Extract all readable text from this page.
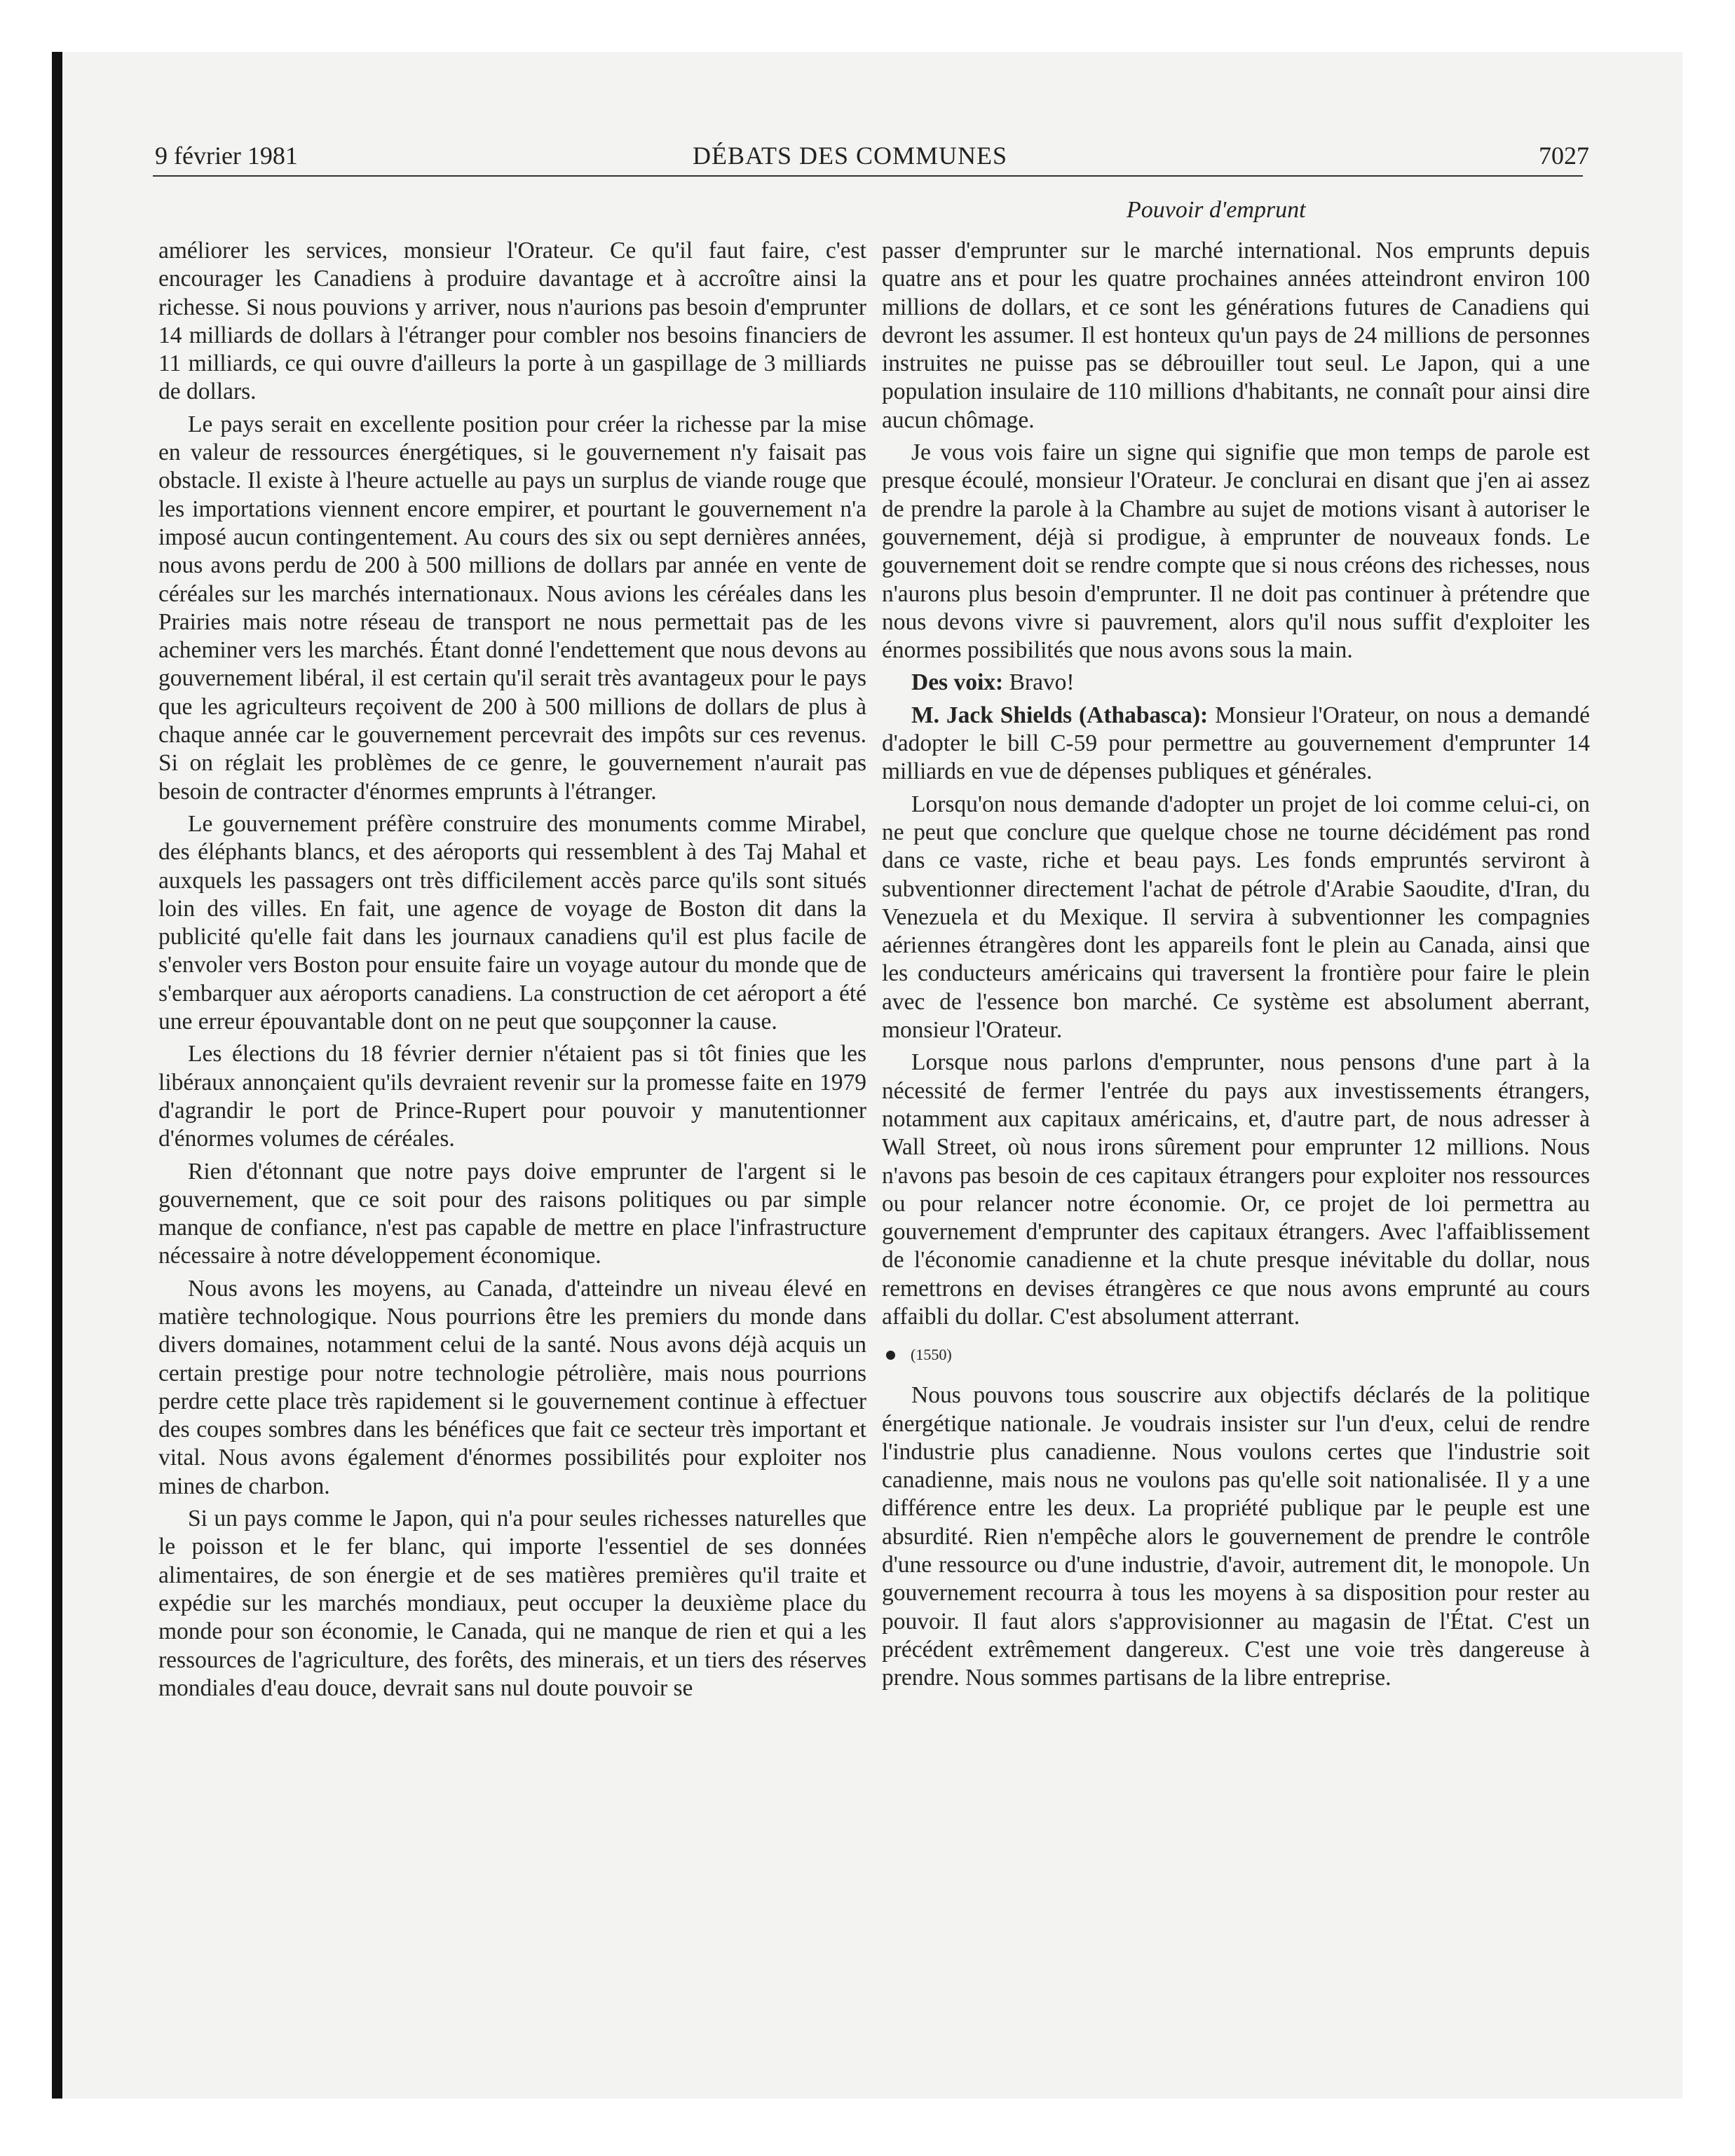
9 février 1981	DÉBATS DES COMMUNES	7027
Pouvoir d'emprunt

améliorer les services, monsieur l'Orateur. Ce qu'il faut faire, c'est encourager les Canadiens à produire davantage et à accroître ainsi la richesse. Si nous pouvions y arriver, nous n'aurions pas besoin d'emprunter 14 milliards de dollars à l'étranger pour combler nos besoins financiers de 11 milliards, ce qui ouvre d'ailleurs la porte à un gaspillage de 3 milliards de dollars.

Le pays serait en excellente position pour créer la richesse par la mise en valeur de ressources énergétiques, si le gouvernement n'y faisait pas obstacle. Il existe à l'heure actuelle au pays un surplus de viande rouge que les importations viennent encore empirer, et pourtant le gouvernement n'a imposé aucun contingentement. Au cours des six ou sept dernières années, nous avons perdu de 200 à 500 millions de dollars par année en vente de céréales sur les marchés internationaux. Nous avions les céréales dans les Prairies mais notre réseau de transport ne nous permettait pas de les acheminer vers les marchés. Étant donné l'endettement que nous devons au gouvernement libéral, il est certain qu'il serait très avantageux pour le pays que les agriculteurs reçoivent de 200 à 500 millions de dollars de plus à chaque année car le gouvernement percevrait des impôts sur ces revenus. Si on réglait les problèmes de ce genre, le gouvernement n'aurait pas besoin de contracter d'énormes emprunts à l'étranger.

Le gouvernement préfère construire des monuments comme Mirabel, des éléphants blancs, et des aéroports qui ressemblent à des Taj Mahal et auxquels les passagers ont très difficilement accès parce qu'ils sont situés loin des villes. En fait, une agence de voyage de Boston dit dans la publicité qu'elle fait dans les journaux canadiens qu'il est plus facile de s'envoler vers Boston pour ensuite faire un voyage autour du monde que de s'embarquer aux aéroports canadiens. La construction de cet aéroport a été une erreur épouvantable dont on ne peut que soupçonner la cause.

Les élections du 18 février dernier n'étaient pas si tôt finies que les libéraux annonçaient qu'ils devraient revenir sur la promesse faite en 1979 d'agrandir le port de Prince-Rupert pour pouvoir y manutentionner d'énormes volumes de céréales.

Rien d'étonnant que notre pays doive emprunter de l'argent si le gouvernement, que ce soit pour des raisons politiques ou par simple manque de confiance, n'est pas capable de mettre en place l'infrastructure nécessaire à notre développement économique.

Nous avons les moyens, au Canada, d'atteindre un niveau élevé en matière technologique. Nous pourrions être les premiers du monde dans divers domaines, notamment celui de la santé. Nous avons déjà acquis un certain prestige pour notre technologie pétrolière, mais nous pourrions perdre cette place très rapidement si le gouvernement continue à effectuer des coupes sombres dans les bénéfices que fait ce secteur très important et vital. Nous avons également d'énormes possibilités pour exploiter nos mines de charbon.

Si un pays comme le Japon, qui n'a pour seules richesses naturelles que le poisson et le fer blanc, qui importe l'essentiel de ses données alimentaires, de son énergie et de ses matières premières qu'il traite et expédie sur les marchés mondiaux, peut occuper la deuxième place du monde pour son économie, le Canada, qui ne manque de rien et qui a les ressources de l'agriculture, des forêts, des minerais, et un tiers des réserves mondiales d'eau douce, devrait sans nul doute pouvoir se

passer d'emprunter sur le marché international. Nos emprunts depuis quatre ans et pour les quatre prochaines années atteindront environ 100 millions de dollars, et ce sont les générations futures de Canadiens qui devront les assumer. Il est honteux qu'un pays de 24 millions de personnes instruites ne puisse pas se débrouiller tout seul. Le Japon, qui a une population insulaire de 110 millions d'habitants, ne connaît pour ainsi dire aucun chômage.

Je vous vois faire un signe qui signifie que mon temps de parole est presque écoulé, monsieur l'Orateur. Je conclurai en disant que j'en ai assez de prendre la parole à la Chambre au sujet de motions visant à autoriser le gouvernement, déjà si prodigue, à emprunter de nouveaux fonds. Le gouvernement doit se rendre compte que si nous créons des richesses, nous n'aurons plus besoin d'emprunter. Il ne doit pas continuer à prétendre que nous devons vivre si pauvrement, alors qu'il nous suffit d'exploiter les énormes possibilités que nous avons sous la main.

Des voix: Bravo!

M. Jack Shields (Athabasca): Monsieur l'Orateur, on nous a demandé d'adopter le bill C-59 pour permettre au gouvernement d'emprunter 14 milliards en vue de dépenses publiques et générales.

Lorsqu'on nous demande d'adopter un projet de loi comme celui-ci, on ne peut que conclure que quelque chose ne tourne décidément pas rond dans ce vaste, riche et beau pays. Les fonds empruntés serviront à subventionner directement l'achat de pétrole d'Arabie Saoudite, d'Iran, du Venezuela et du Mexique. Il servira à subventionner les compagnies aériennes étrangères dont les appareils font le plein au Canada, ainsi que les conducteurs américains qui traversent la frontière pour faire le plein avec de l'essence bon marché. Ce système est absolument aberrant, monsieur l'Orateur.

Lorsque nous parlons d'emprunter, nous pensons d'une part à la nécessité de fermer l'entrée du pays aux investissements étrangers, notamment aux capitaux américains, et, d'autre part, de nous adresser à Wall Street, où nous irons sûrement pour emprunter 12 millions. Nous n'avons pas besoin de ces capitaux étrangers pour exploiter nos ressources ou pour relancer notre économie. Or, ce projet de loi permettra au gouvernement d'emprunter des capitaux étrangers. Avec l'affaiblissement de l'économie canadienne et la chute presque inévitable du dollar, nous remettrons en devises étrangères ce que nous avons emprunté au cours affaibli du dollar. C'est absolument atterrant.

(1550)

Nous pouvons tous souscrire aux objectifs déclarés de la politique énergétique nationale. Je voudrais insister sur l'un d'eux, celui de rendre l'industrie plus canadienne. Nous voulons certes que l'industrie soit canadienne, mais nous ne voulons pas qu'elle soit nationalisée. Il y a une différence entre les deux. La propriété publique par le peuple est une absurdité. Rien n'empêche alors le gouvernement de prendre le contrôle d'une ressource ou d'une industrie, d'avoir, autrement dit, le monopole. Un gouvernement recourra à tous les moyens à sa disposition pour rester au pouvoir. Il faut alors s'approvisionner au magasin de l'État. C'est un précédent extrêmement dangereux. C'est une voie très dangereuse à prendre. Nous sommes partisans de la libre entreprise.
